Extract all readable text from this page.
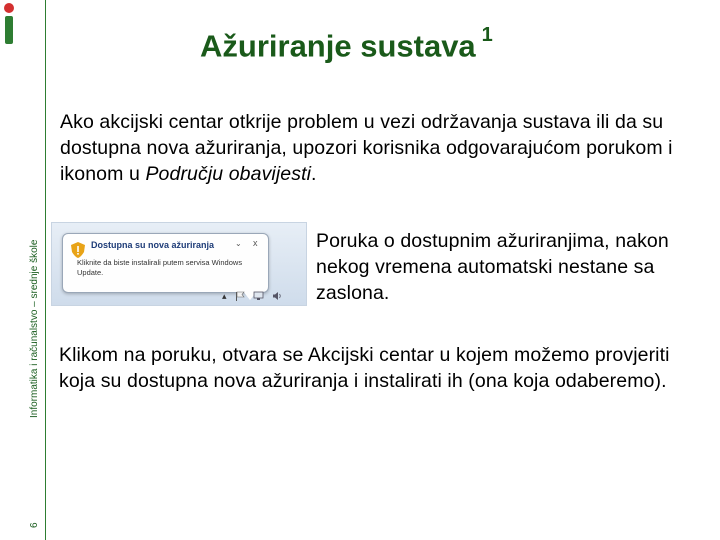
Informatika i računalstvo – srednje škole
6
Ažuriranje sustava $^1$
Ako akcijski centar otkrije problem u vezi održavanja sustava ili da su dostupna nova ažuriranja, upozori korisnika odgovarajućom porukom i ikonom u Području obavijesti.
Dostupna su nova ažuriranja	⌄ x
Kliknite da biste instalirali putem servisa Windows Update.
▴
Poruka o dostupnim ažuriranjima, nakon nekog vremena automatski nestane sa zaslona.
Klikom na poruku, otvara se Akcijski centar u kojem možemo provjeriti koja su dostupna nova ažuriranja i instalirati ih (ona koja odaberemo).
